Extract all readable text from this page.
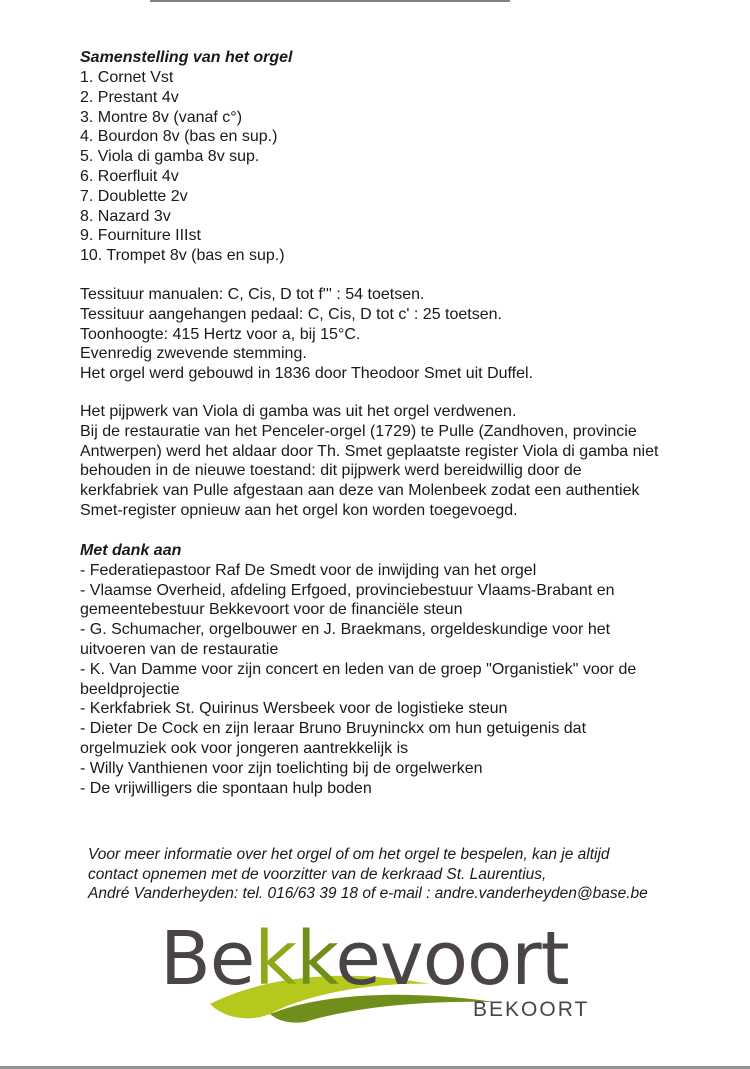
Samenstelling van het orgel

1. Cornet Vst
2. Prestant 4v
3. Montre 8v (vanaf c°)
4. Bourdon 8v (bas en sup.)
5. Viola di gamba 8v sup.
6. Roerfluit 4v
7. Doublette 2v
8. Nazard 3v
9. Fourniture IIIst
10. Trompet 8v (bas en sup.)

Tessituur manualen: C, Cis, D tot f''' : 54 toetsen.

Tessituur aangehangen pedaal: C, Cis, D tot c' : 25 toetsen.

Toonhoogte: 415 Hertz voor a, bij 15°C.

Evenredig zwevende stemming.

Het orgel werd gebouwd in 1836 door Theodoor Smet uit Duffel.

Het pijpwerk van Viola di gamba was uit het orgel verdwenen.

Bij de restauratie van het Penceler-orgel (1729) te Pulle (Zandhoven, provincie

Antwerpen) werd het aldaar door Th. Smet geplaatste register Viola di gamba niet

behouden in de nieuwe toestand: dit pijpwerk werd bereidwillig door de

kerkfabriek van Pulle afgestaan aan deze van Molenbeek zodat een authentiek

Smet-register opnieuw aan het orgel kon worden toegevoegd.

Met dank aan

- Federatiepastoor Raf De Smedt voor de inwijding van het orgel

- Vlaamse Overheid, afdeling Erfgoed, provinciebestuur Vlaams-Brabant en

gemeentebestuur Bekkevoort voor de financiële steun

- G. Schumacher, orgelbouwer en J. Braekmans, orgeldeskundige voor het

uitvoeren van de restauratie

- K. Van Damme voor zijn concert en leden van de groep "Organistiek" voor de

beeldprojectie

- Kerkfabriek St. Quirinus Wersbeek voor de logistieke steun

- Dieter De Cock en zijn leraar Bruno Bruyninckx om hun getuigenis dat

orgelmuziek ook voor jongeren aantrekkelijk is

- Willy Vanthienen voor zijn toelichting bij de orgelwerken

- De vrijwilligers die spontaan hulp boden

Voor meer informatie over het orgel of om het orgel te bespelen, kan je altijd

contact opnemen met de voorzitter van de kerkraad St. Laurentius,

André Vanderheyden: tel. 016/63 39 18 of e-mail : andre.vanderheyden@base.be

Bekkevoort
BEKOORT
